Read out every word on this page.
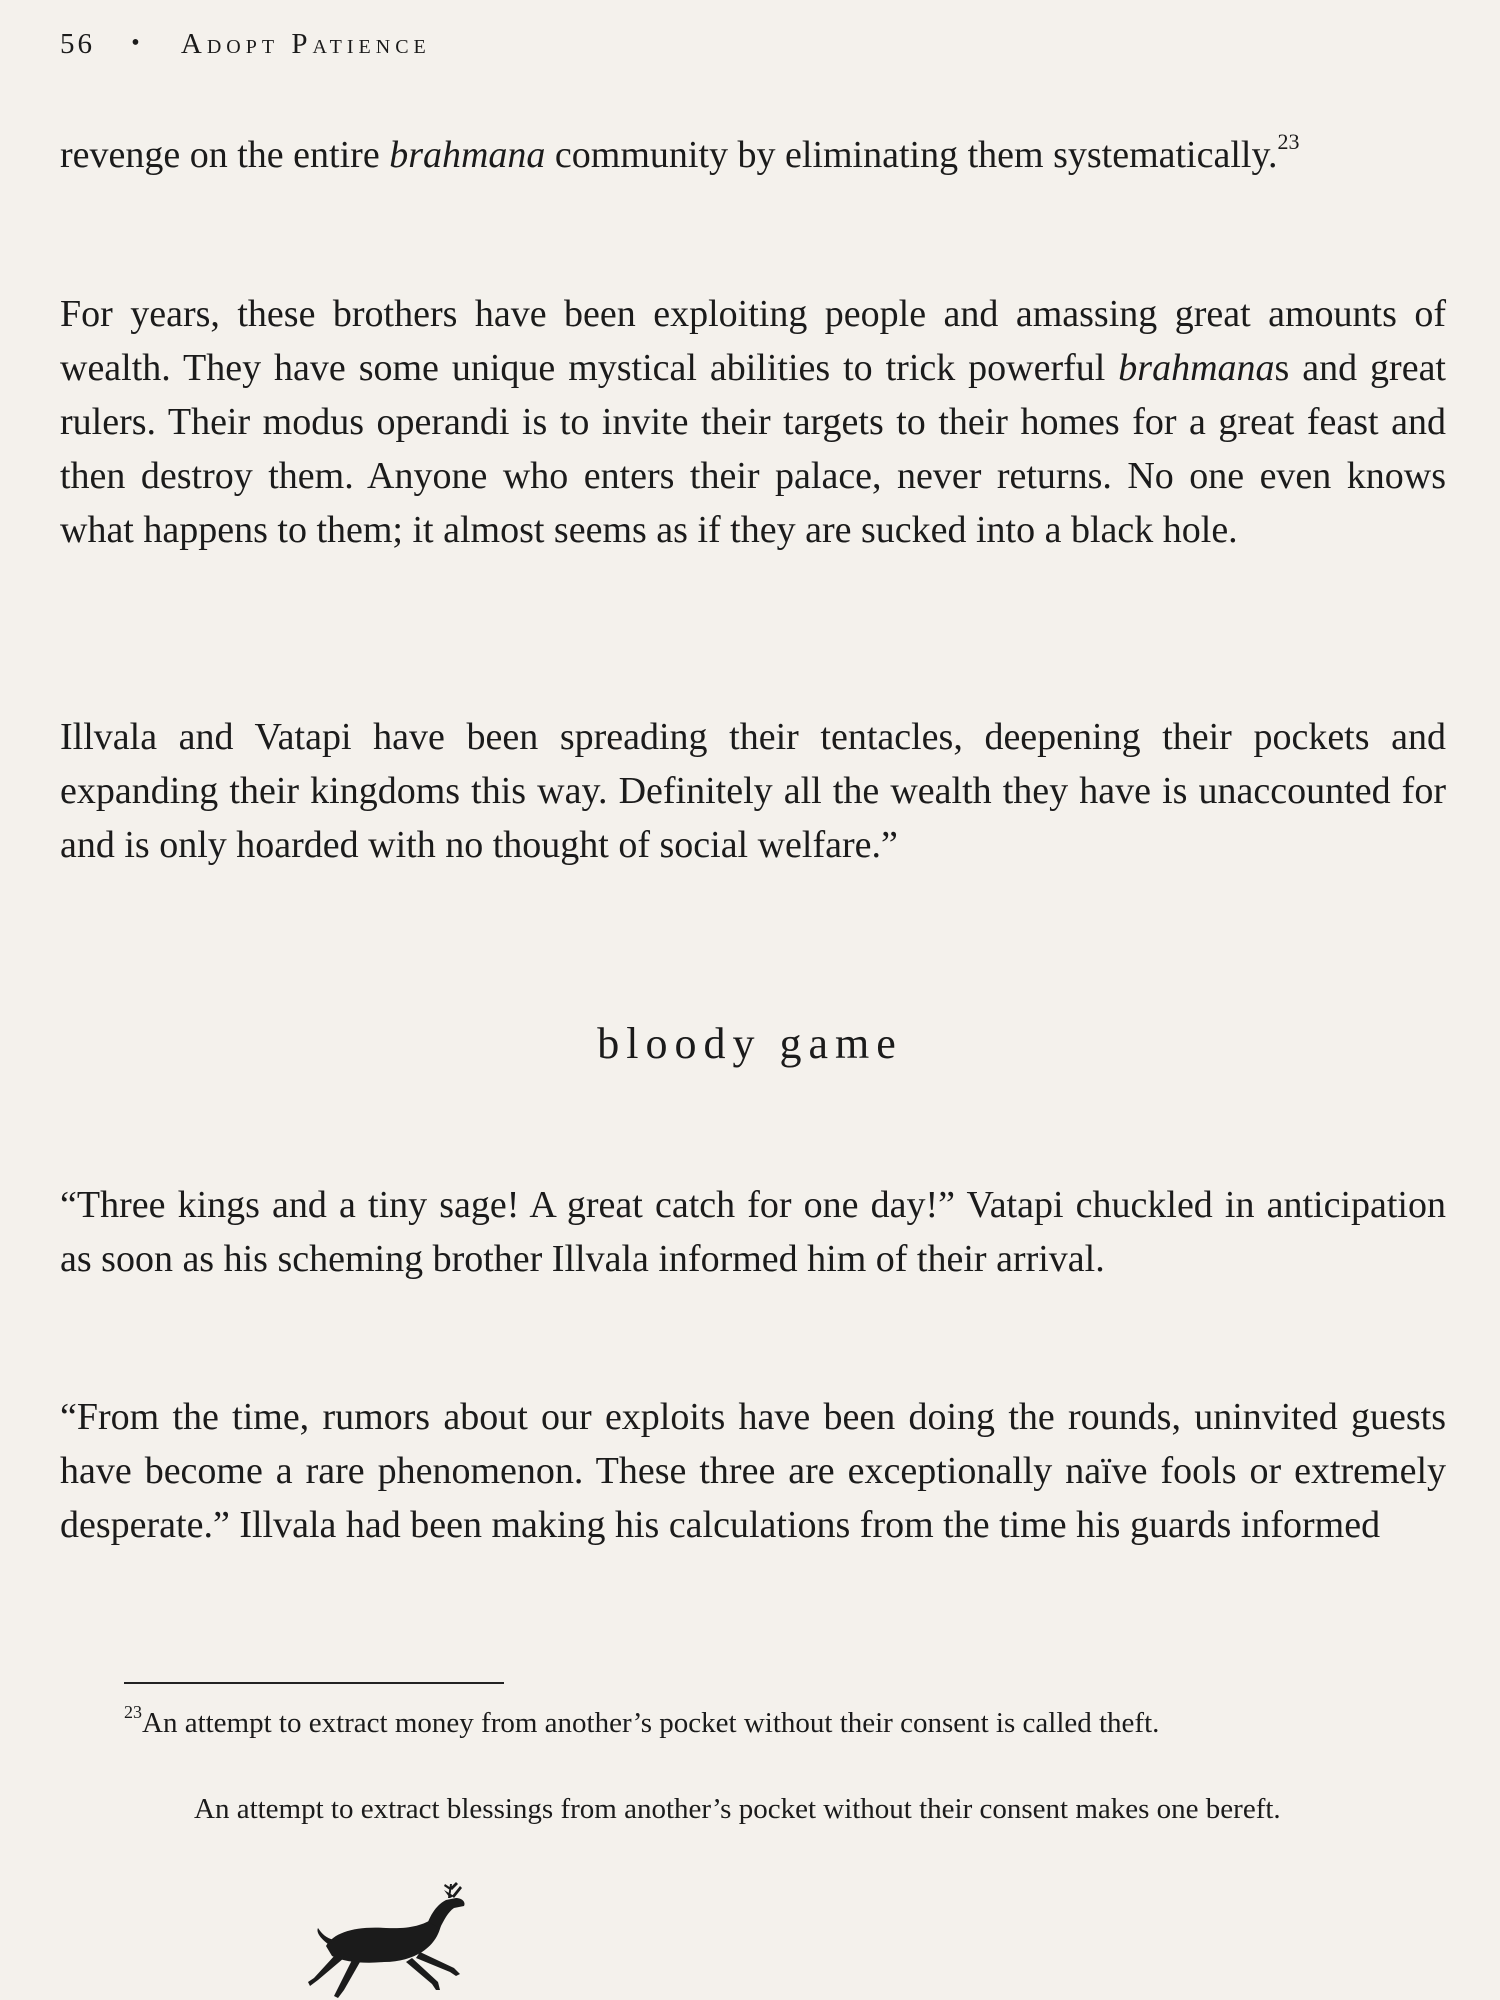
56 • Adopt Patience

revenge on the entire brahmana community by eliminating them systematically.$^{23}$

For years, these brothers have been exploiting people and amassing great amounts of wealth. They have some unique mystical abilities to trick powerful brahmanas and great rulers. Their modus operandi is to invite their targets to their homes for a great feast and then destroy them. Anyone who enters their palace, never returns. No one even knows what happens to them; it almost seems as if they are sucked into a black hole.

Illvala and Vatapi have been spreading their tentacles, deepening their pockets and expanding their kingdoms this way. Definitely all the wealth they have is unaccounted for and is only hoarded with no thought of social welfare.”

bloody game

“Three kings and a tiny sage! A great catch for one day!” Vatapi chuckled in anticipation as soon as his scheming brother Illvala informed him of their arrival.

“From the time, rumors about our exploits have been doing the rounds, uninvited guests have become a rare phenomenon. These three are exceptionally naïve fools or extremely desperate.” Illvala had been making his calculations from the time his guards informed

$^{23}$An attempt to extract money from another’s pocket without their consent is called theft.

An attempt to extract blessings from another’s pocket without their consent makes one bereft.
